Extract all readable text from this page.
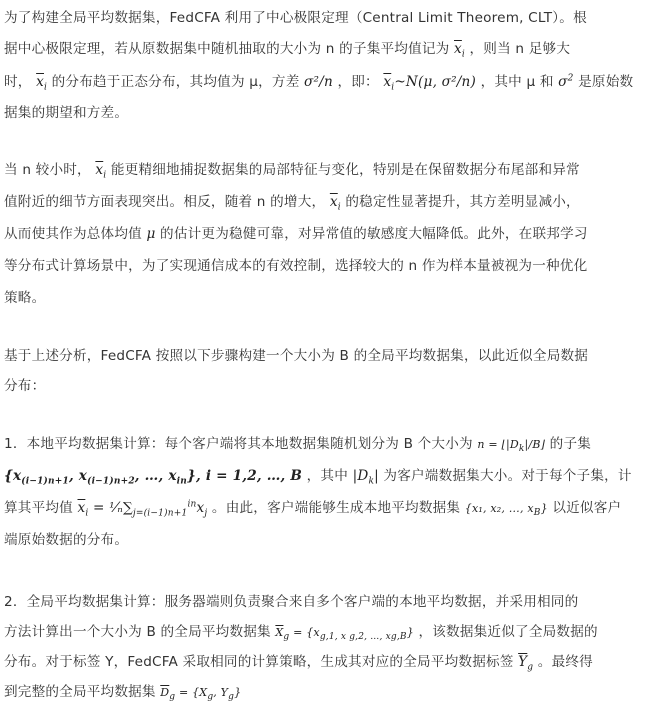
为了构建全局平均数据集，FedCFA 利用了中心极限定理（Central Limit Theorem, CLT）。根
据中心极限定理，若从原数据集中随机抽取的大小为 n 的子集平均值记为 $\overline{x}_i$ ，则当 n 足够大
时， $\overline{x}_i$ 的分布趋于正态分布，其均值为 μ，方差 σ²/n ，即： $\overline{x}_i\sim N(\mu$, σ²/n) ，其中 μ 和 $\sigma^2$ 是原始数
据集的期望和方差。
当 n 较小时， $\overline{x}_i$ 能更精细地捕捉数据集的局部特征与变化，特别是在保留数据分布尾部和异常
值附近的细节方面表现突出。相反，随着 n 的增大， $\overline{x}_i$ 的稳定性显著提升，其方差明显减小，
从而使其作为总体均值 μ 的估计更为稳健可靠，对异常值的敏感度大幅降低。此外，在联邦学习
等分布式计算场景中，为了实现通信成本的有效控制，选择较大的 n 作为样本量被视为一种优化
策略。
基于上述分析，FedCFA 按照以下步骤构建一个大小为 B 的全局平均数据集，以此近似全局数据
分布：
1．本地平均数据集计算：每个客户端将其本地数据集随机划分为 B 个大小为 $n = ⌊|D_k|/B⌋$ 的子集
{$x_{(i-1)n+1}$, $x_{(i-1)n+2}$, …, $x_{in}$}, i = 1,2, …, B ，其中 $|D_k|$ 为客户端数据集大小。对于每个子集，计
算其平均值 $\overline{x}_i$ = $^1⁄_n\sum_{j=(i-1)n+1}^{in}x_j$ 。由此，客户端能够生成本地平均数据集 {x₁, x₂, …, $x_B$} 以近似客户
端原始数据的分布。
2．全局平均数据集计算：服务器端则负责聚合来自多个客户端的本地平均数据，并采用相同的
方法计算出一个大小为 B 的全局平均数据集 $\overline{X}_g = \{x_{g,1, x g,2, \dots, xg,B}\}$ ，该数据集近似了全局数据的
分布。对于标签 Y，FedCFA 采取相同的计算策略，生成其对应的全局平均数据标签 $\overline{Y}_g$ 。最终得
到完整的全局平均数据集 $\overline{D}_g = \{X_g$, $Y_g$}
